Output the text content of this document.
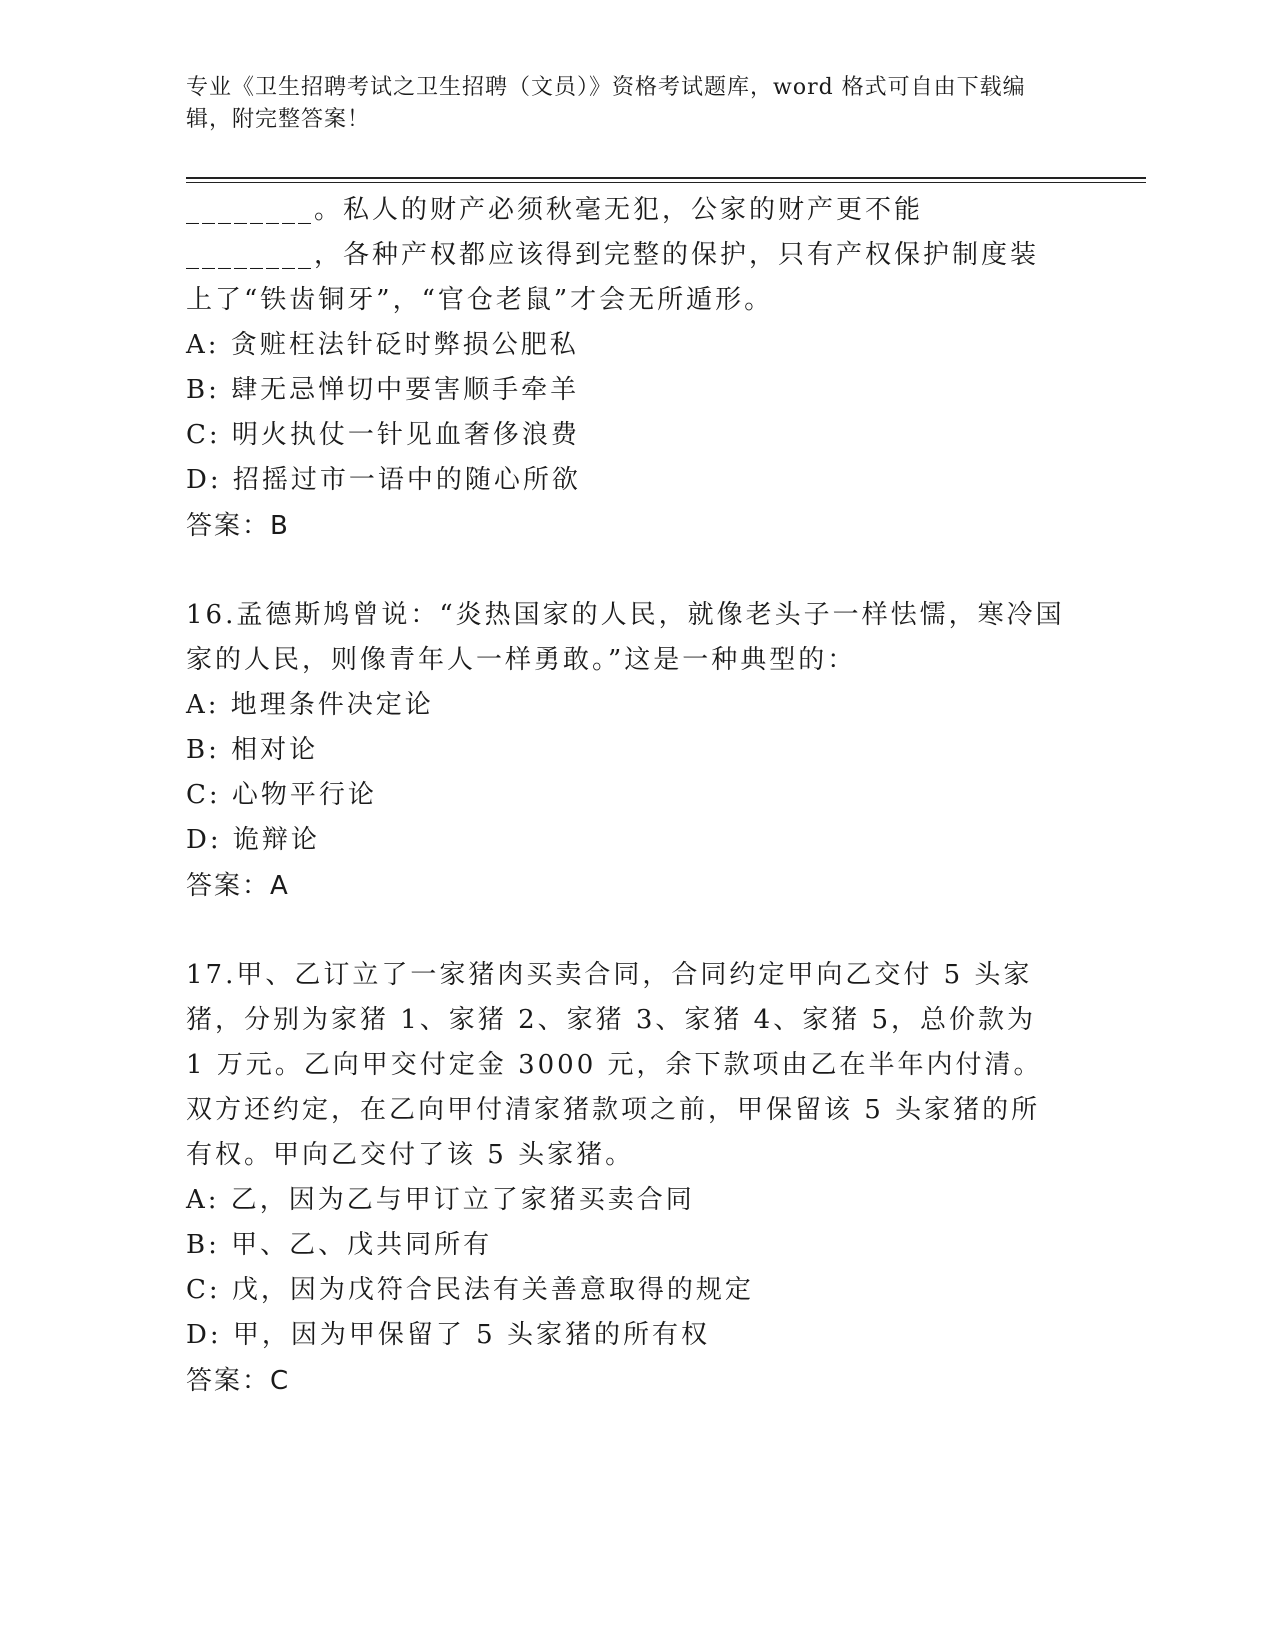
专业《卫生招聘考试之卫生招聘（文员）》资格考试题库，word 格式可自由下载编辑，附完整答案！

________。私人的财产必须秋毫无犯，公家的财产更不能________，各种产权都应该得到完整的保护，只有产权保护制度装上了“铁齿铜牙”，“官仓老鼠”才会无所遁形。

A: 贪赃枉法针砭时弊损公肥私
B: 肆无忌惮切中要害顺手牵羊
C: 明火执仗一针见血奢侈浪费
D: 招摇过市一语中的随心所欲

答案：B

16.孟德斯鸠曾说：“炎热国家的人民，就像老头子一样怯懦，寒冷国家的人民，则像青年人一样勇敢。”这是一种典型的：

A: 地理条件决定论
B: 相对论
C: 心物平行论
D: 诡辩论

答案：A

17.甲、乙订立了一家猪肉买卖合同，合同约定甲向乙交付 5 头家猪，分别为家猪 1、家猪 2、家猪 3、家猪 4、家猪 5，总价款为 1 万元。乙向甲交付定金 3000 元，余下款项由乙在半年内付清。双方还约定，在乙向甲付清家猪款项之前，甲保留该 5 头家猪的所有权。甲向乙交付了该 5 头家猪。

A: 乙，因为乙与甲订立了家猪买卖合同
B: 甲、乙、戊共同所有
C: 戊，因为戊符合民法有关善意取得的规定
D: 甲，因为甲保留了 5 头家猪的所有权

答案：C
